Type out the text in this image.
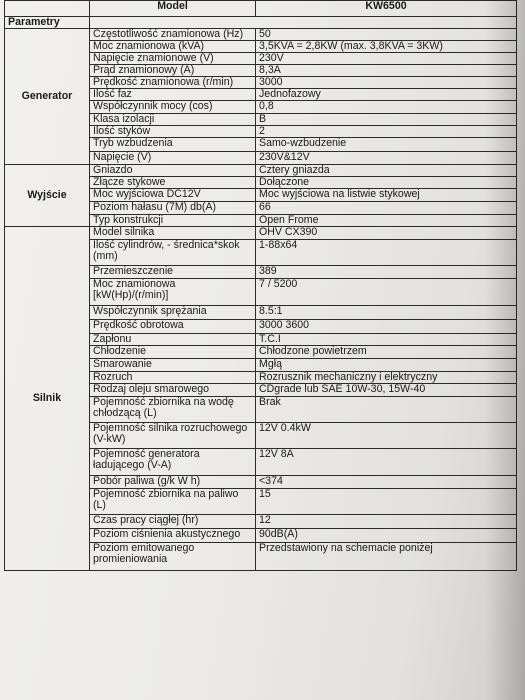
	Model	KW6500
Parametry		
Generator	Częstotliwość znamionowa (Hz)	50
	Moc znamionowa (kVA)	3,5KVA = 2,8KW (max. 3,8KVA = 3KW)
	Napięcie znamionowe (V)	230V
	Prąd znamionowy (A)	8,3A
	Prędkość znamionowa (r/min)	3000
	Ilość faz	Jednofazowy
	Współczynnik mocy (cos)	0,8
	Klasa izolacji	B
	Ilość styków	2
	Tryb wzbudzenia	Samo-wzbudzenie
	Napięcie (V)	230V&12V
Wyjście	Gniazdo	Cztery gniazda
	Złącze stykowe	Dołączone
	Moc wyjściowa DC12V	Moc wyjściowa na listwie stykowej
	Poziom hałasu (7M) db(A)	66
	Typ konstrukcji	Open Frome
Silnik	Model silnika	OHV CX390
	Ilość cylindrów, - średnica*skok (mm)	1-88x64
	Przemieszczenie	389
	Moc znamionowa [kW(Hp)/(r/min)]	7 / 5200
	Współczynnik sprężania	8.5:1
	Prędkość obrotowa	3000 3600
	Zapłonu	T.C.I
	Chłodzenie	Chłodzone powietrzem
	Smarowanie	Mgłą
	Rozruch	Rozrusznik mechaniczny i elektryczny
	Rodzaj oleju smarowego	CDgrade lub SAE 10W-30, 15W-40
	Pojemność zbiornika na wodę chłodzącą (L)	Brak
	Pojemność silnika rozruchowego (V-kW)	12V 0.4kW
	Pojemność generatora ładującego (V-A)	12V 8A
	Pobór paliwa (g/k W h)	<374
	Pojemność zbiornika na paliwo (L)	15
	Czas pracy ciągłej (hr)	12
	Poziom ciśnienia akustycznego	90dB(A)
	Poziom emitowanego promieniowania	Przedstawiony na schemacie poniżej
